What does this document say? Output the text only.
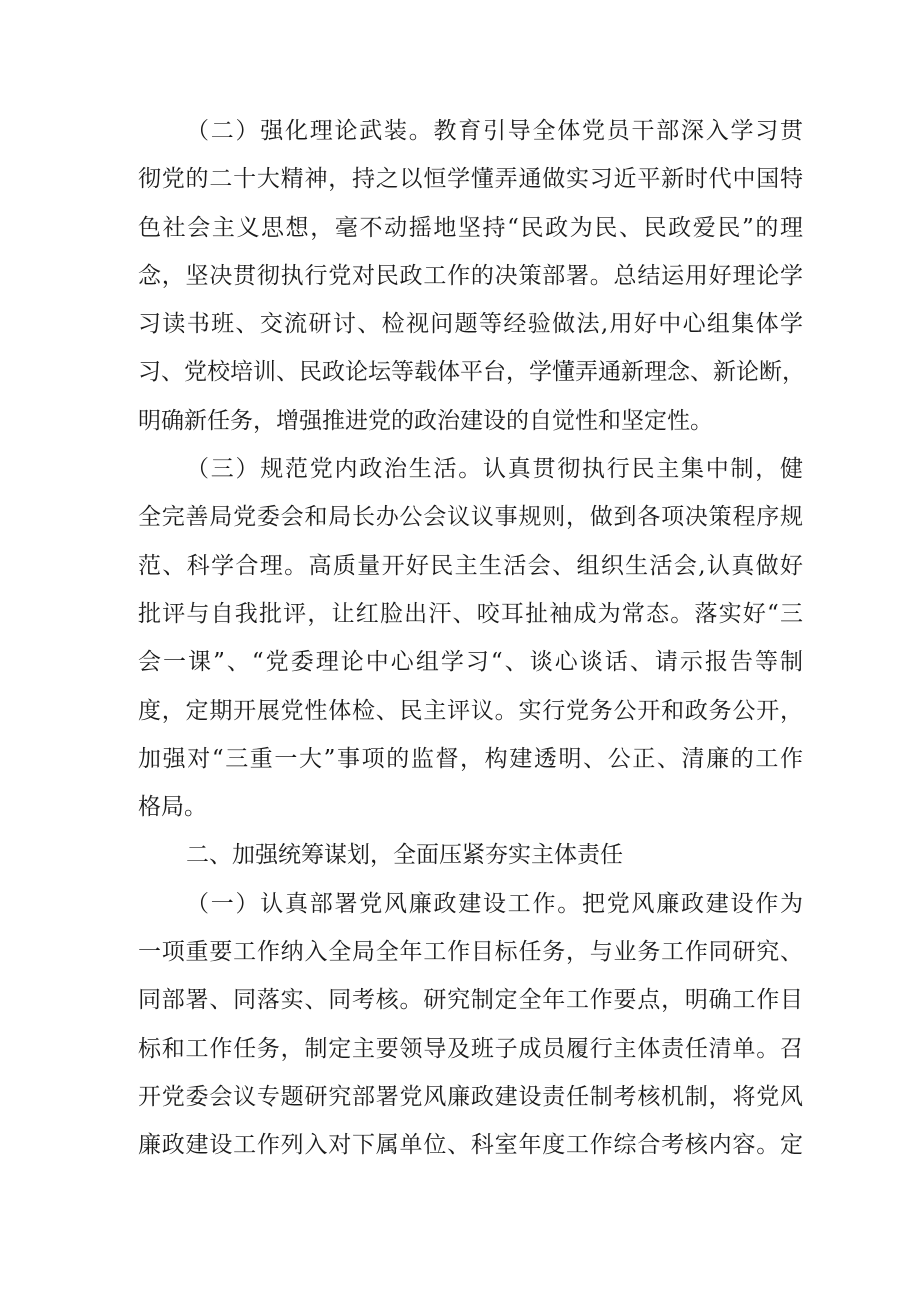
（二）强化理论武装。教育引导全体党员干部深入学习贯
彻党的二十大精神，持之以恒学懂弄通做实习近平新时代中国特
色社会主义思想，毫不动摇地坚持“民政为民、民政爱民”的理
念，坚决贯彻执行党对民政工作的决策部署。总结运用好理论学
习读书班、交流研讨、检视问题等经验做法,用好中心组集体学
习、党校培训、民政论坛等载体平台，学懂弄通新理念、新论断，
明确新任务，增强推进党的政治建设的自觉性和坚定性。
（三）规范党内政治生活。认真贯彻执行民主集中制，健
全完善局党委会和局长办公会议议事规则，做到各项决策程序规
范、科学合理。高质量开好民主生活会、组织生活会,认真做好
批评与自我批评，让红脸出汗、咬耳扯袖成为常态。落实好“三
会一课”、“党委理论中心组学习“、谈心谈话、请示报告等制
度，定期开展党性体检、民主评议。实行党务公开和政务公开，
加强对“三重一大”事项的监督，构建透明、公正、清廉的工作
格局。
二、加强统筹谋划，全面压紧夯实主体责任
（一）认真部署党风廉政建设工作。把党风廉政建设作为
一项重要工作纳入全局全年工作目标任务，与业务工作同研究、
同部署、同落实、同考核。研究制定全年工作要点，明确工作目
标和工作任务，制定主要领导及班子成员履行主体责任清单。召
开党委会议专题研究部署党风廉政建设责任制考核机制，将党风
廉政建设工作列入对下属单位、科室年度工作综合考核内容。定
